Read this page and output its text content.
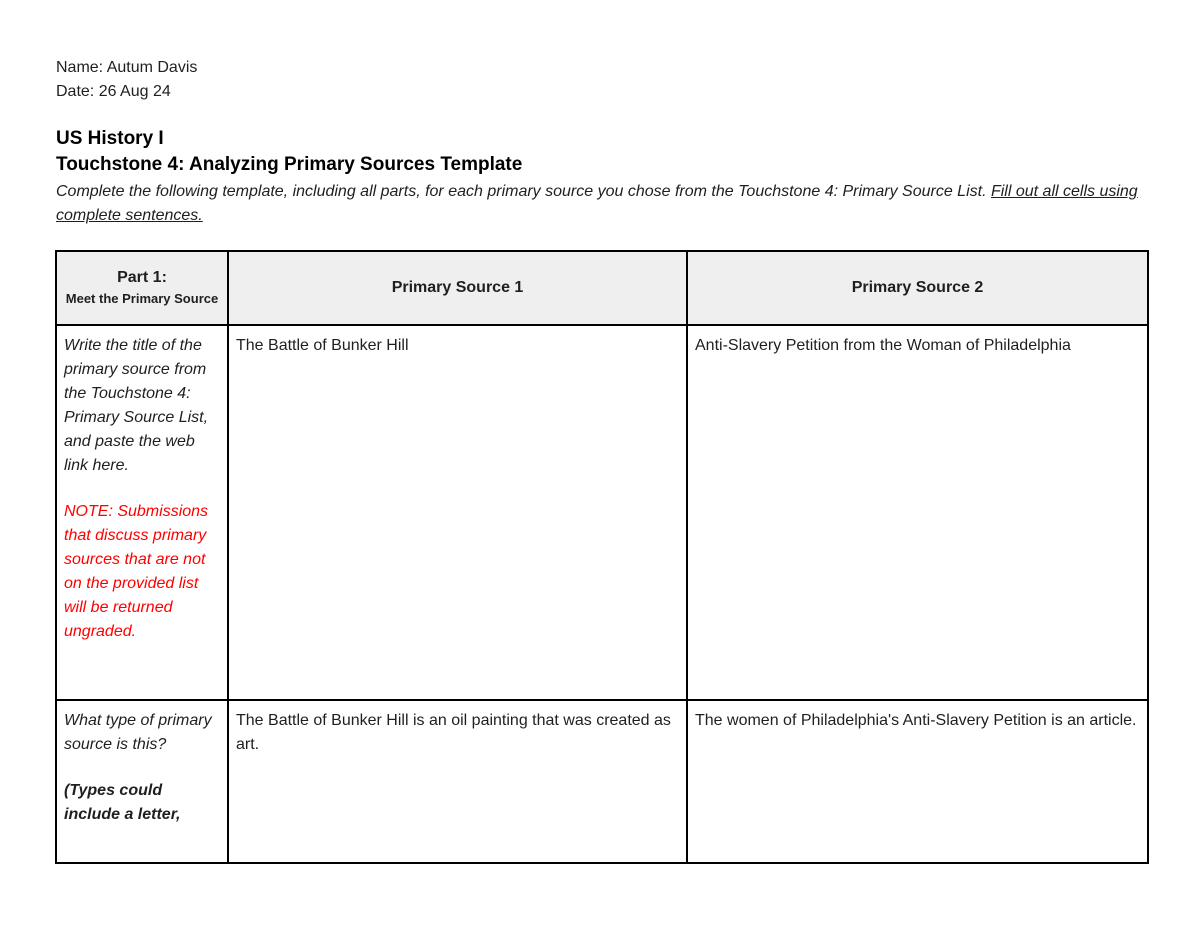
Name: Autum Davis
Date: 26 Aug 24
US History I
Touchstone 4: Analyzing Primary Sources Template
Complete the following template, including all parts, for each primary source you chose from the Touchstone 4: Primary Source List. Fill out all cells using complete sentences.
Part 1:
Meet the Primary Source	Primary Source 1	Primary Source 2

Write the title of the primary source from the Touchstone 4: Primary Source List, and paste the web link here.
NOTE: Submissions that discuss primary sources that are not on the provided list will be returned ungraded.	The Battle of Bunker Hill	Anti-Slavery Petition from the Woman of Philadelphia

What type of primary source is this?
(Types could include a letter,	The Battle of Bunker Hill is an oil painting that was created as art.	The women of Philadelphia's Anti-Slavery Petition is an article.
